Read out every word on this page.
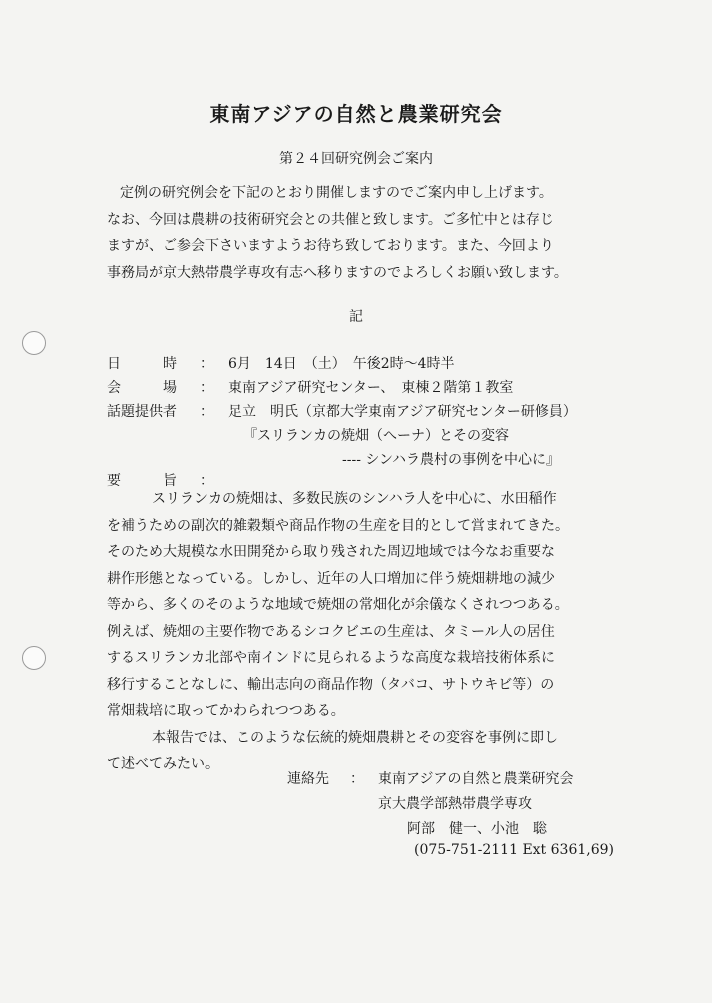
東南アジアの自然と農業研究会
第２４回研究例会ご案内
定例の研究例会を下記のとおり開催しますのでご案内申し上げます。
なお、今回は農耕の技術研究会との共催と致します。ご多忙中とは存じ
ますが、ご参会下さいますようお待ち致しております。また、今回より
事務局が京大熱帯農学専攻有志へ移りますのでよろしくお願い致します。
記
日　　　時 ： 6月　14日　（土）　午後2時～4時半
会　　　場 ： 東南アジア研究センター、　東棟２階第１教室
話題提供者 ： 足立　明氏（京都大学東南アジア研究センター研修員）
『スリランカの焼畑（へーナ）とその変容
---- シンハラ農村の事例を中心に』
要　　　旨 ：
スリランカの焼畑は、多数民族のシンハラ人を中心に、水田稲作
を補うための副次的雑穀類や商品作物の生産を目的として営まれてきた。
そのため大規模な水田開発から取り残された周辺地域では今なお重要な
耕作形態となっている。しかし、近年の人口増加に伴う焼畑耕地の減少
等から、多くのそのような地域で焼畑の常畑化が余儀なくされつつある。
例えば、焼畑の主要作物であるシコクビエの生産は、タミール人の居住
するスリランカ北部や南インドに見られるような高度な栽培技術体系に
移行することなしに、輸出志向の商品作物（タバコ、サトウキビ等）の
常畑栽培に取ってかわられつつある。
本報告では、このような伝統的焼畑農耕とその変容を事例に即し
て述べてみたい。
連絡先 ： 東南アジアの自然と農業研究会
京大農学部熱帯農学専攻
阿部　健一、小池　聡
(075-751-2111 Ext 6361,69)
